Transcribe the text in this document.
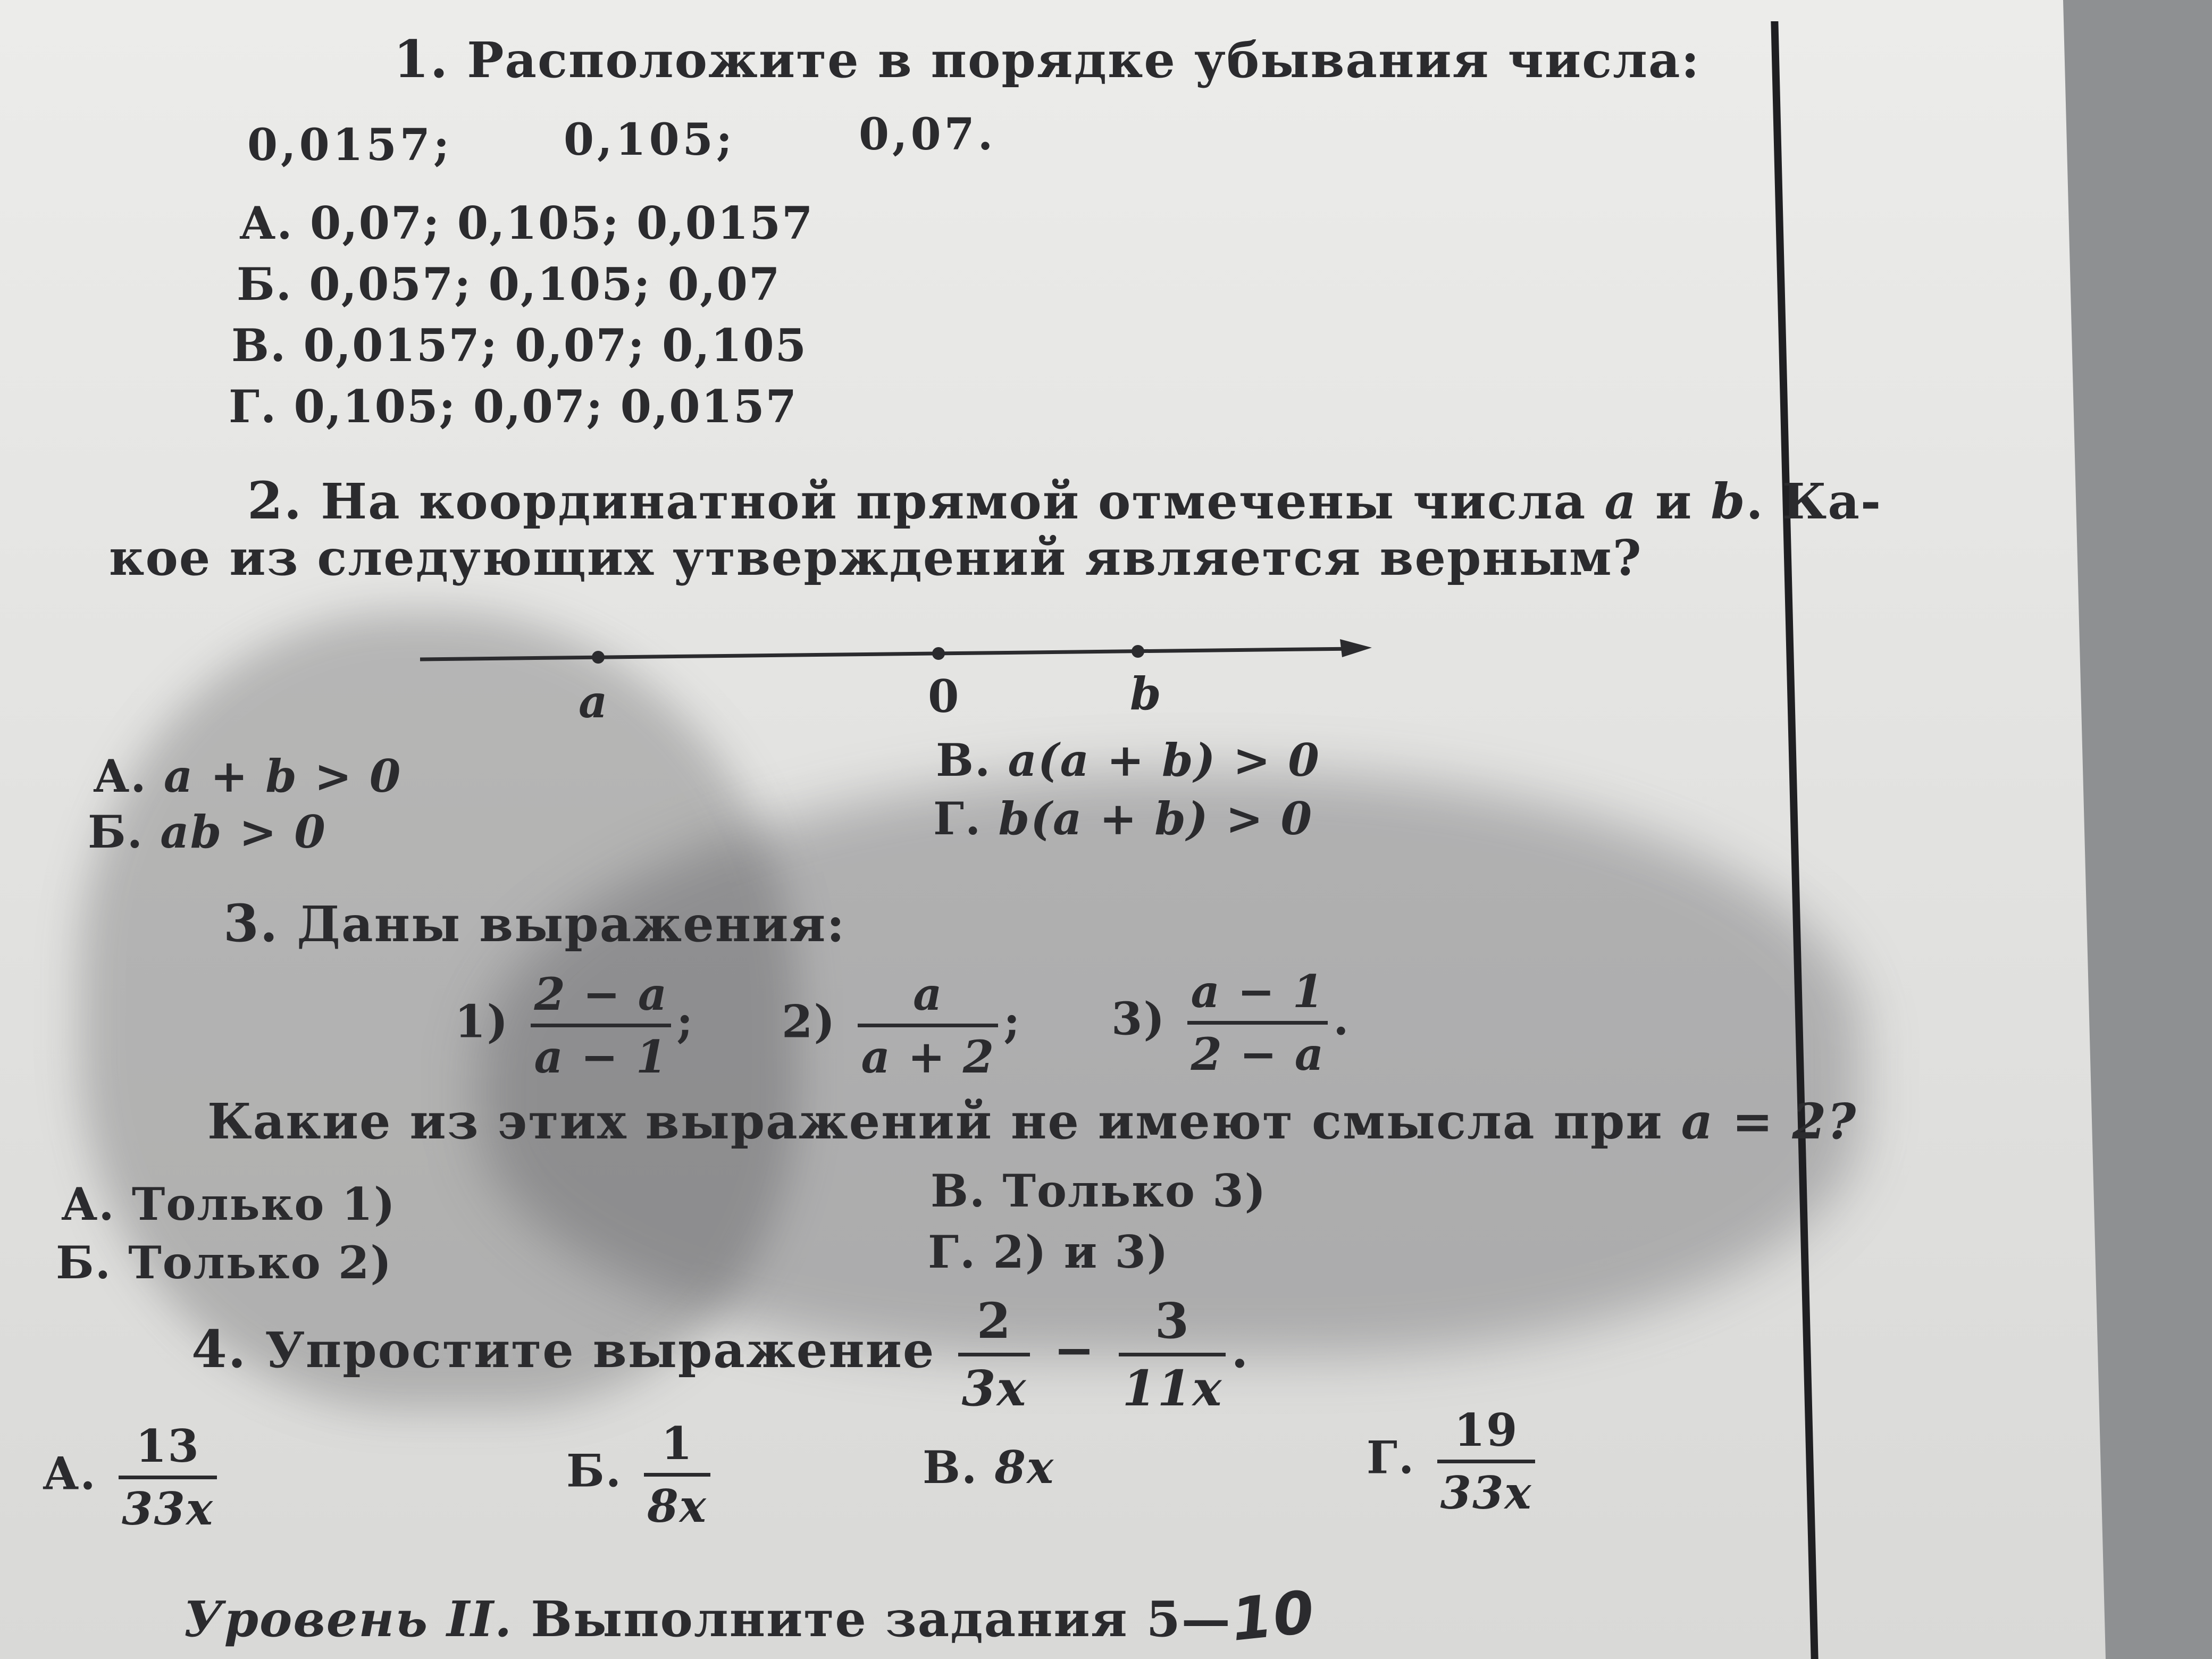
1. Расположите в порядке убывания числа:
0,0157;	0,105;	0,07.
А. 0,07; 0,105; 0,0157
Б. 0,057; 0,105; 0,07
В. 0,0157; 0,07; 0,105
Г. 0,105; 0,07; 0,0157
2. На координатной прямой отмечены числа a и b. Ка-
кое из следующих утверждений является верным?
a	0	b
А. a + b > 0
Б. ab > 0
В. a(a + b) > 0
Г. b(a + b) > 0
3. Даны выражения:
$1) \frac{2 - a}{a - 1}$ ; $2) \frac{a}{a + 2}$ ; $3) \frac{a - 1}{2 - a}$ .
Какие из этих выражений не имеют смысла при a = 2?
А. Только 1)
Б. Только 2)
В. Только 3)
Г. 2) и 3)
4. Упростите выражение $\frac{2}{3x} - \frac{3}{11x}$ .
А. $\frac{13}{33x}$	Б. $\frac{1}{8x}$	В. 8x	Г. $\frac{19}{33x}$
Уровень II. Выполните задания 5—10
